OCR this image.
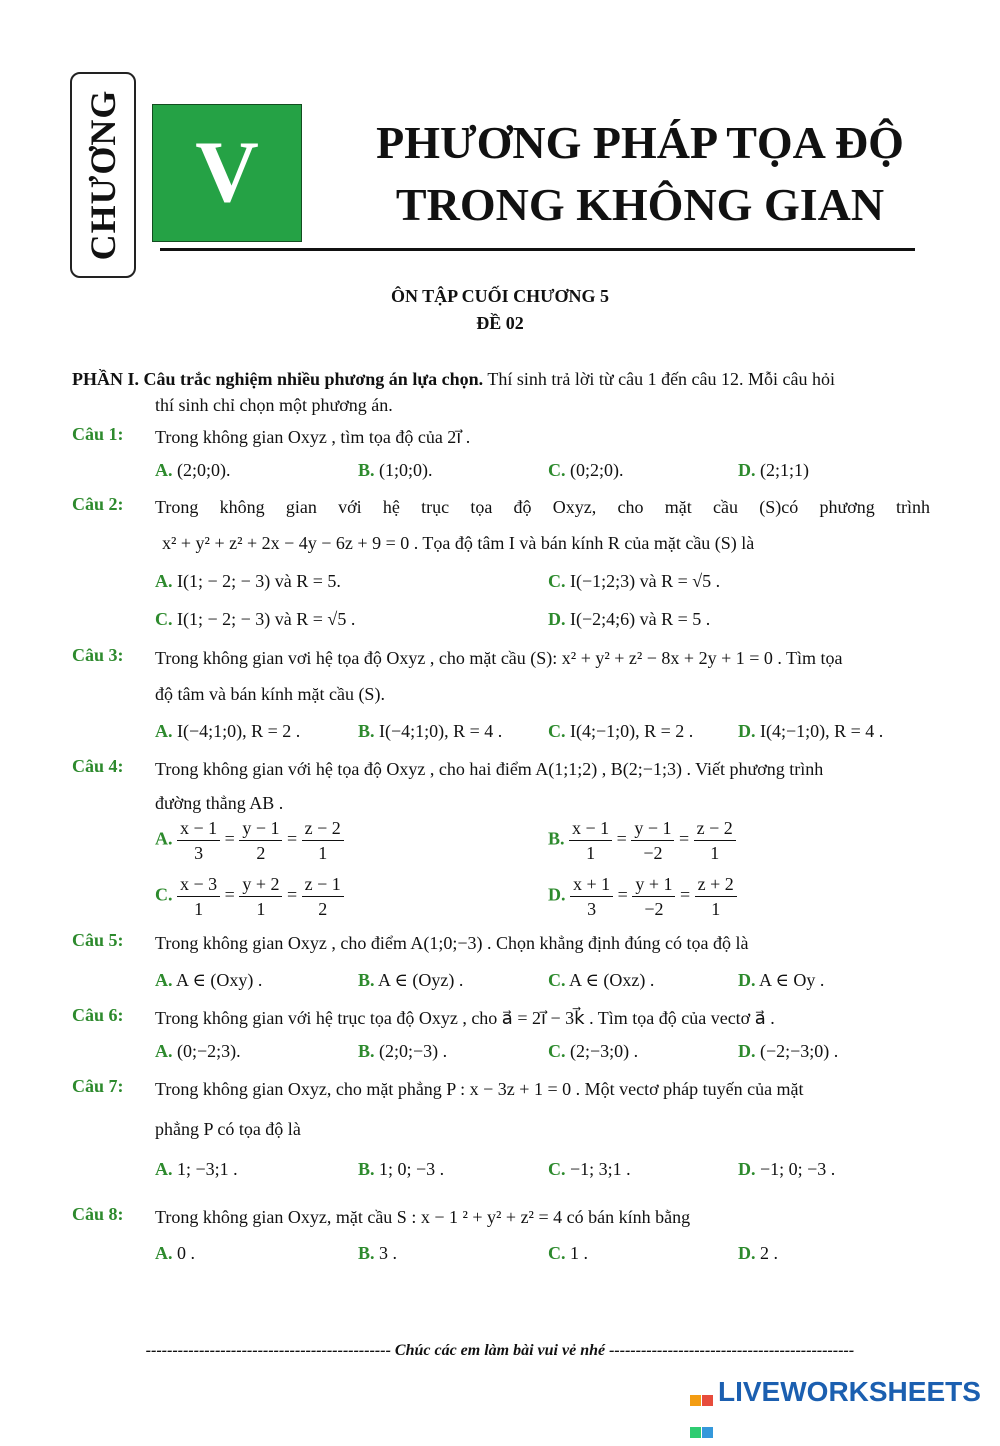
CHƯƠNG V	PHƯƠNG PHÁP TỌA ĐỘ
TRONG KHÔNG GIAN
ÔN TẬP CUỐI CHƯƠNG 5
ĐỀ 02
PHẦN I. Câu trắc nghiệm nhiều phương án lựa chọn. Thí sinh trả lời từ câu 1 đến câu 12. Mỗi câu hỏi
thí sinh chỉ chọn một phương án.
Câu 1: Trong không gian Oxyz , tìm tọa độ của 2i⃗ .
A. (2;0;0).	B. (1;0;0).	C. (0;2;0).	D. (2;1;1)
Câu 2: Trong không gian với hệ trục tọa độ Oxyz, cho mặt cầu (S)có phương trình
x² + y² + z² + 2x − 4y − 6z + 9 = 0 . Tọa độ tâm I và bán kính R của mặt cầu (S) là
A. I(1; − 2; − 3) và R = 5.	C. I(−1;2;3) và R = √5 .
C. I(1; − 2; − 3) và R = √5 .	D. I(−2;4;6) và R = 5 .
Câu 3: Trong không gian vơi hệ tọa độ Oxyz , cho mặt cầu (S): x² + y² + z² − 8x + 2y + 1 = 0 . Tìm tọa
độ tâm và bán kính mặt cầu (S).
A. I(−4;1;0), R = 2 .	B. I(−4;1;0), R = 4 .	C. I(4;−1;0), R = 2 . D. I(4;−1;0), R = 4 .
Câu 4: Trong không gian với hệ tọa độ Oxyz , cho hai điểm A(1;1;2) , B(2;−1;3) . Viết phương trình
đường thẳng AB .
A. $\frac{x - 1}{3} = \frac{y - 1}{2} = \frac{z - 2}{1}$	B. $\frac{x - 1}{1} = \frac{y - 1}{-2} = \frac{z - 2}{1}$
C. $\frac{x - 3}{1} = \frac{y + 2}{1} = \frac{z - 1}{2}$	D. $\frac{x + 1}{3} = \frac{y + 1}{-2} = \frac{z + 2}{1}$
Câu 5: Trong không gian Oxyz , cho điểm A(1;0;−3) . Chọn khẳng định đúng có tọa độ là
A. A ∈ (Oxy) .	B. A ∈ (Oyz) .	C. A ∈ (Oxz) .	D. A ∈ Oy .
Câu 6: Trong không gian với hệ trục tọa độ Oxyz , cho a⃗ = 2i⃗ − 3k⃗ . Tìm tọa độ của vectơ a⃗ .
A. (0;−2;3).	B. (2;0;−3) .	C. (2;−3;0) .	D. (−2;−3;0) .
Câu 7: Trong không gian Oxyz, cho mặt phẳng P : x − 3z + 1 = 0 . Một vectơ pháp tuyến của mặt
phẳng P có tọa độ là
A. 1; −3;1 .	B. 1; 0; −3 .	C. −1; 3;1 .	D. −1; 0; −3 .
Câu 8: Trong không gian Oxyz, mặt cầu S : x − 1 ² + y² + z² = 4 có bán kính bằng
A. 0 .	B. 3 .	C. 1 .	D. 2 .
---------------------------------------------- Chúc các em làm bài vui vẻ nhé ----------------------------------------------
LIVEWORKSHEETS
